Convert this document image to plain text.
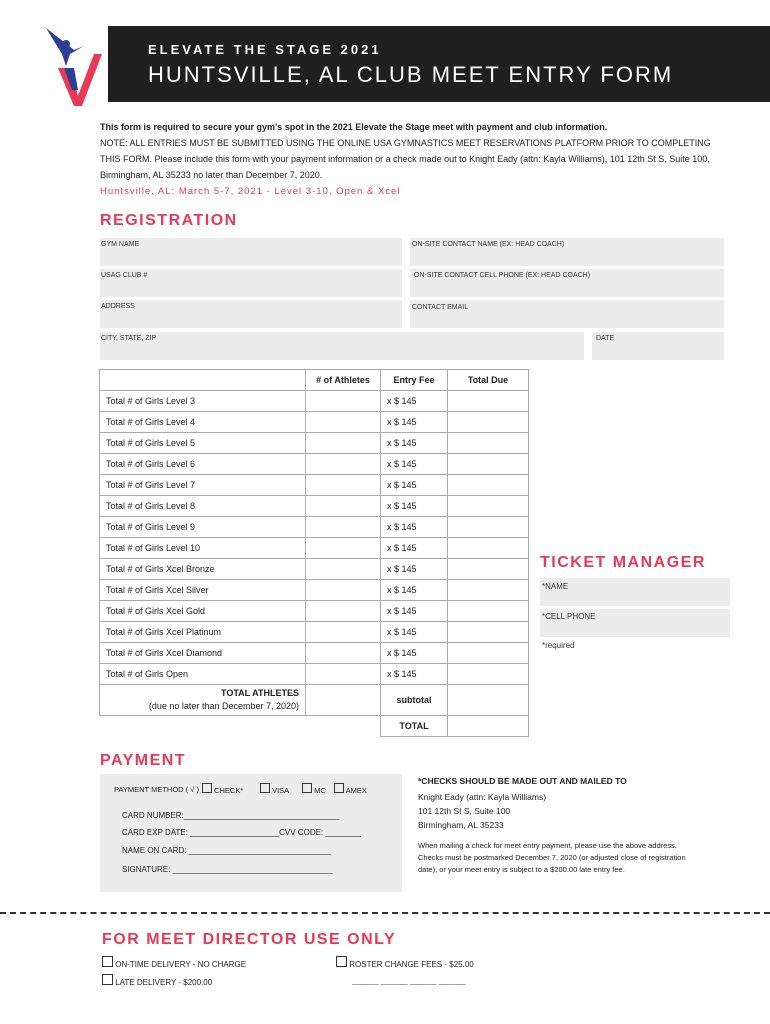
ELEVATE THE STAGE 2021
HUNTSVILLE, AL CLUB MEET ENTRY FORM
This form is required to secure your gym's spot in the 2021 Elevate the Stage meet with payment and club information.
NOTE: ALL ENTRIES MUST BE SUBMITTED USING THE ONLINE USA GYMNASTICS MEET RESERVATIONS PLATFORM PRIOR TO COMPLETING THIS FORM. Please include this form with your payment information or a check made out to Knight Eady (attn: Kayla Williams), 101 12th St S, Suite 100, Birmingham, AL 35233 no later than December 7, 2020.
Huntsville, AL: March 5-7, 2021 - Level 3-10, Open & Xcel
REGISTRATION
GYM NAME	ON-SITE CONTACT NAME (EX: HEAD COACH)
USAG CLUB #	ON-SITE CONTACT CELL PHONE (EX: HEAD COACH)
ADDRESS	CONTACT EMAIL
CITY, STATE, ZIP	DATE
	# of Athletes	Entry Fee	Total Due
Total # of Girls Level 3		x $ 145	
Total # of Girls Level 4		x $ 145	
Total # of Girls Level 5		x $ 145	
Total # of Girls Level 6		x $ 145	
Total # of Girls Level 7		x $ 145	
Total # of Girls Level 8		x $ 145	
Total # of Girls Level 9		x $ 145	
Total # of Girls Level 10		x $ 145	
Total # of Girls Xcel Bronze		x $ 145	
Total # of Girls Xcel Silver		x $ 145	
Total # of Girls Xcel Gold		x $ 145	
Total # of Girls Xcel Platinum		x $ 145	
Total # of Girls Xcel Diamond		x $ 145	
Total # of Girls Open		x $ 145	
TOTAL ATHLETES
(due no later than December 7, 2020)		subtotal	
		TOTAL	
TICKET MANAGER
*NAME
*CELL PHONE
*required
PAYMENT
PAYMENT METHOD ( √ )	CHECK*	VISA	MC	AMEX
CARD NUMBER:___________________________________
CARD EXP DATE: ____________________CVV CODE: ________
NAME ON CARD: ________________________________
SIGNATURE: ____________________________________
*CHECKS SHOULD BE MADE OUT AND MAILED TO
Knight Eady (attn: Kayla Williams)
101 12th St S, Suite 100
Birmingham, AL 35233
When mailing a check for meet entry payment, please use the above address. Checks must be postmarked December 7, 2020 (or adjusted close of registration date), or your meet entry is subject to a $200.00 late entry fee.
FOR MEET DIRECTOR USE ONLY
ON-TIME DELIVERY - NO CHARGE
LATE DELIVERY - $200.00
ROSTER CHANGE FEES - $25.00
______ ______ ______ ______
